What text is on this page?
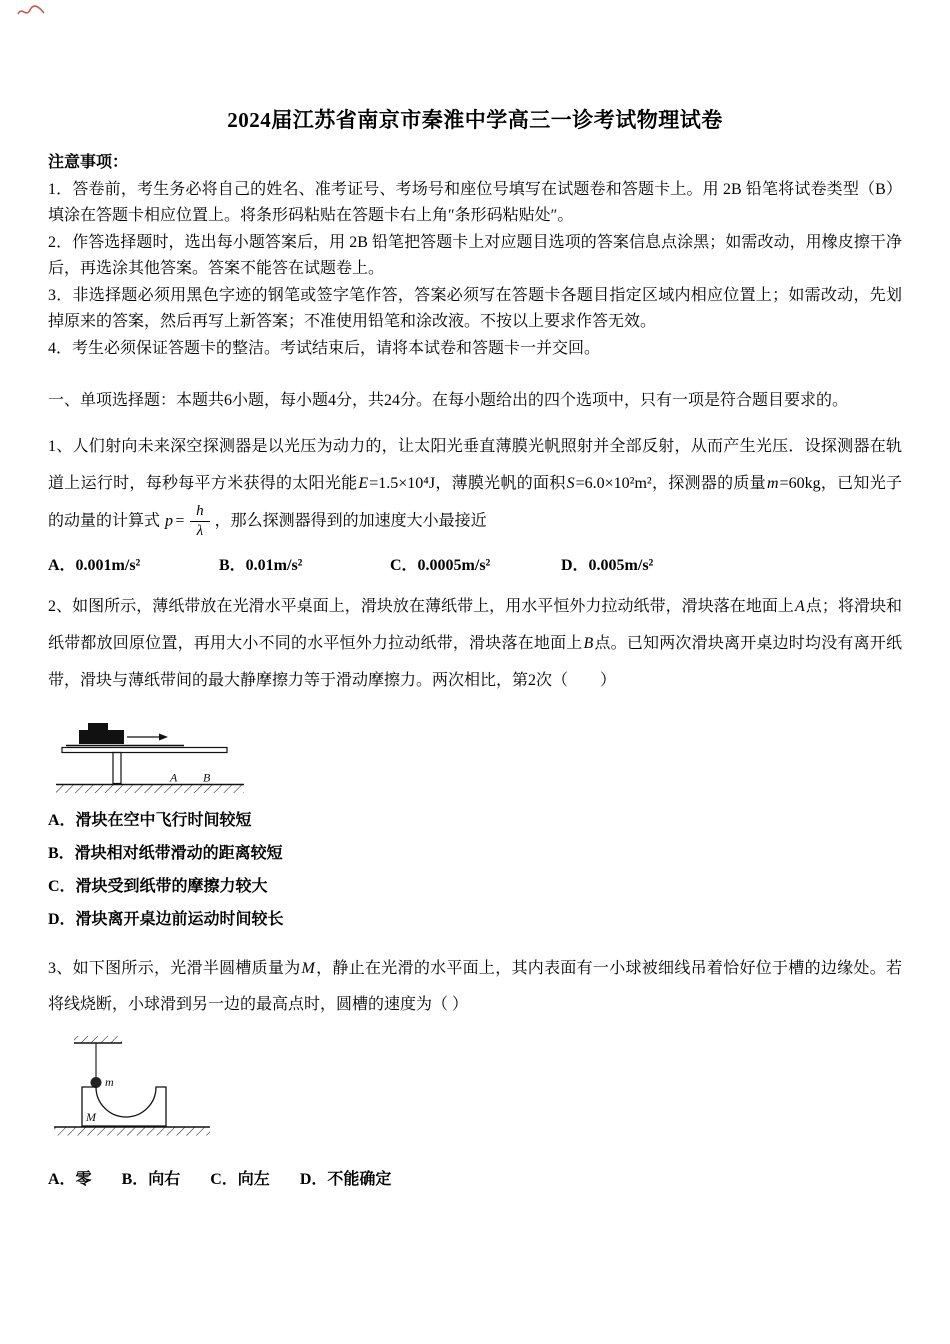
2024届江苏省南京市秦淮中学高三一诊考试物理试卷

注意事项：

1．答卷前，考生务必将自己的姓名、准考证号、考场号和座位号填写在试题卷和答题卡上。用 2B 铅笔将试卷类型（B）填涂在答题卡相应位置上。将条形码粘贴在答题卡右上角″条形码粘贴处″。

2．作答选择题时，选出每小题答案后，用 2B 铅笔把答题卡上对应题目选项的答案信息点涂黑；如需改动，用橡皮擦干净后，再选涂其他答案。答案不能答在试题卷上。

3．非选择题必须用黑色字迹的钢笔或签字笔作答，答案必须写在答题卡各题目指定区域内相应位置上；如需改动，先划掉原来的答案，然后再写上新答案；不准使用铅笔和涂改液。不按以上要求作答无效。

4．考生必须保证答题卡的整洁。考试结束后，请将本试卷和答题卡一并交回。

一、单项选择题：本题共6小题，每小题4分，共24分。在每小题给出的四个选项中，只有一项是符合题目要求的。

1、人们射向未来深空探测器是以光压为动力的，让太阳光垂直薄膜光帆照射并全部反射，从而产生光压．设探测器在轨道上运行时，每秒每平方米获得的太阳光能E=1.5×10⁴J，薄膜光帆的面积S=6.0×10²m²，探测器的质量m=60kg，已知光子的动量的计算式 p = $\frac{h}{\lambda}$ ，那么探测器得到的加速度大小最接近

A．0.001m/s²	B．0.01m/s²	C．0.0005m/s²	D．0.005m/s²

2、如图所示，薄纸带放在光滑水平桌面上，滑块放在薄纸带上，用水平恒外力拉动纸带，滑块落在地面上A点；将滑块和纸带都放回原位置，再用大小不同的水平恒外力拉动纸带，滑块落在地面上B点。已知两次滑块离开桌边时均没有离开纸带，滑块与薄纸带间的最大静摩擦力等于滑动摩擦力。两次相比，第2次（　　）

A B

A．滑块在空中飞行时间较短

B．滑块相对纸带滑动的距离较短

C．滑块受到纸带的摩擦力较大

D．滑块离开桌边前运动时间较长

3、如下图所示，光滑半圆槽质量为M，静止在光滑的水平面上，其内表面有一小球被细线吊着恰好位于槽的边缘处。若将线烧断，小球滑到另一边的最高点时，圆槽的速度为（ ）

m
M

A．零 B．向右 C．向左 D．不能确定
